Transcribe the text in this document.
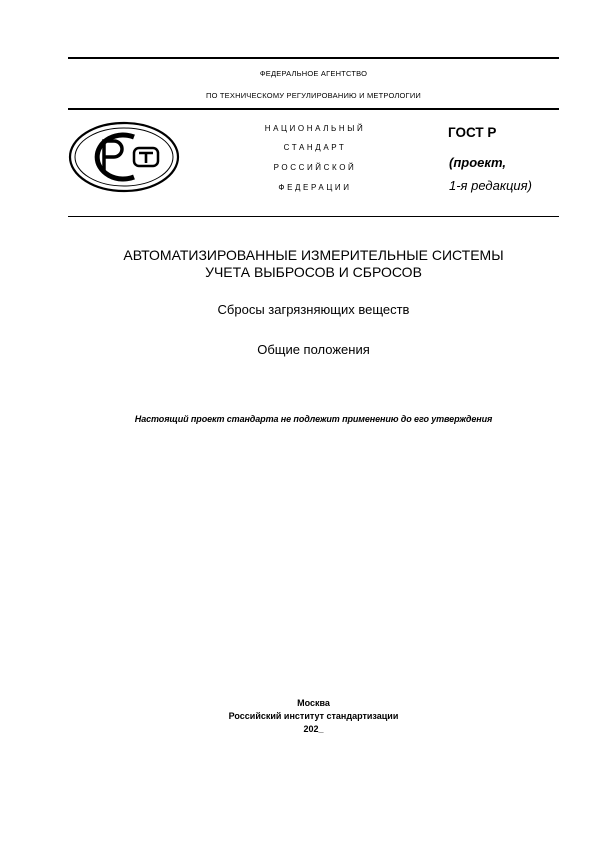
ФЕДЕРАЛЬНОЕ АГЕНТСТВО
ПО ТЕХНИЧЕСКОМУ РЕГУЛИРОВАНИЮ И МЕТРОЛОГИИ
НАЦИОНАЛЬНЫЙ
СТАНДАРТ
РОССИЙСКОЙ
ФЕДЕРАЦИИ
ГОСТ Р
(проект,
1-я редакция)
АВТОМАТИЗИРОВАННЫЕ ИЗМЕРИТЕЛЬНЫЕ СИСТЕМЫ
УЧЕТА ВЫБРОСОВ И СБРОСОВ
Сбросы загрязняющих веществ
Общие положения
Настоящий проект стандарта не подлежит применению до его утверждения
Москва
Российский институт стандартизации
202_
